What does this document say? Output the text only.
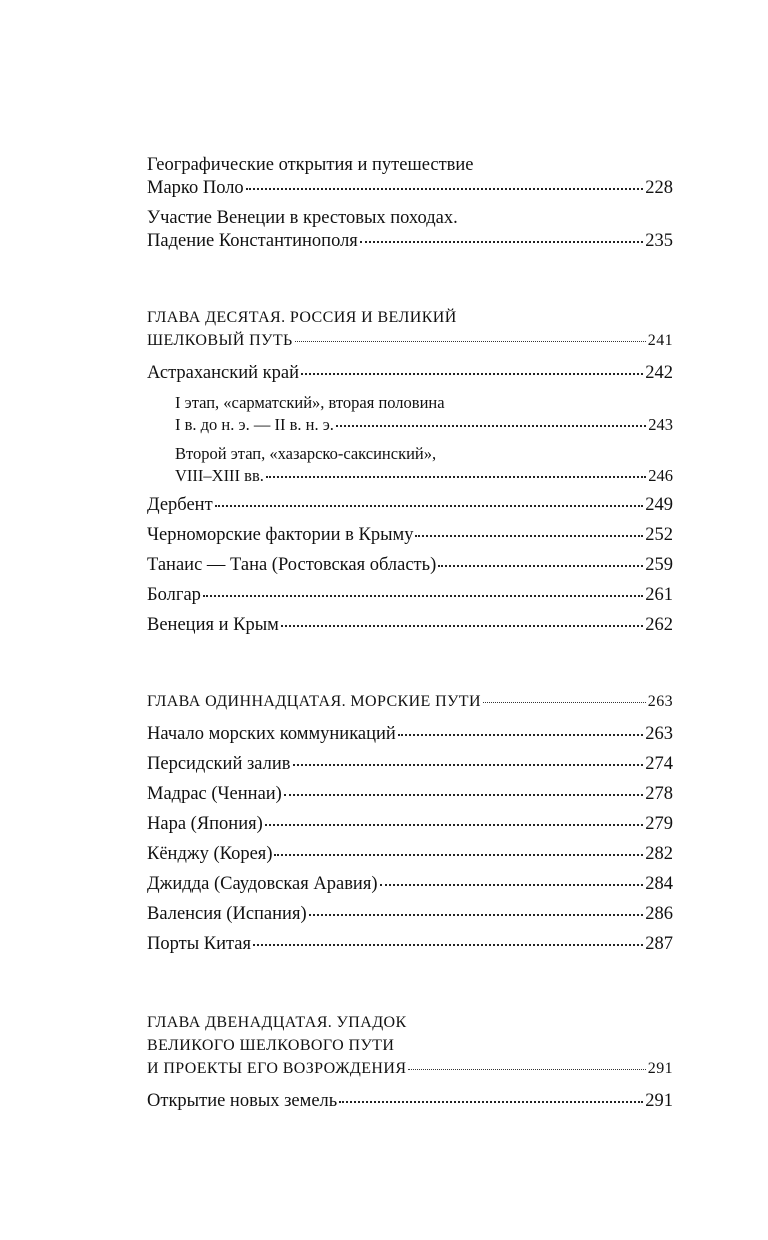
Географические открытия и путешествие
Марко Поло	228
Участие Венеции в крестовых походах.
Падение Константинополя	235
ГЛАВА ДЕСЯТАЯ. РОССИЯ И ВЕЛИКИЙ
ШЕЛКОВЫЙ ПУТЬ	241
Астраханский край	242
I этап, «сарматский», вторая половина
I в. до н. э. — II в. н. э.	243
Второй этап, «хазарско-саксинский»,
VIII–XIII вв.	246
Дербент	249
Черноморские фактории в Крыму	252
Танаис — Тана (Ростовская область)	259
Болгар	261
Венеция и Крым	262
ГЛАВА ОДИННАДЦАТАЯ. МОРСКИЕ ПУТИ	263
Начало морских коммуникаций	263
Персидский залив	274
Мадрас (Ченнаи)	278
Нара (Япония)	279
Кёнджу (Корея)	282
Джидда (Саудовская Аравия)	284
Валенсия (Испания)	286
Порты Китая	287
ГЛАВА ДВЕНАДЦАТАЯ. УПАДОК
ВЕЛИКОГО ШЕЛКОВОГО ПУТИ
И ПРОЕКТЫ ЕГО ВОЗРОЖДЕНИЯ	291
Открытие новых земель	291
